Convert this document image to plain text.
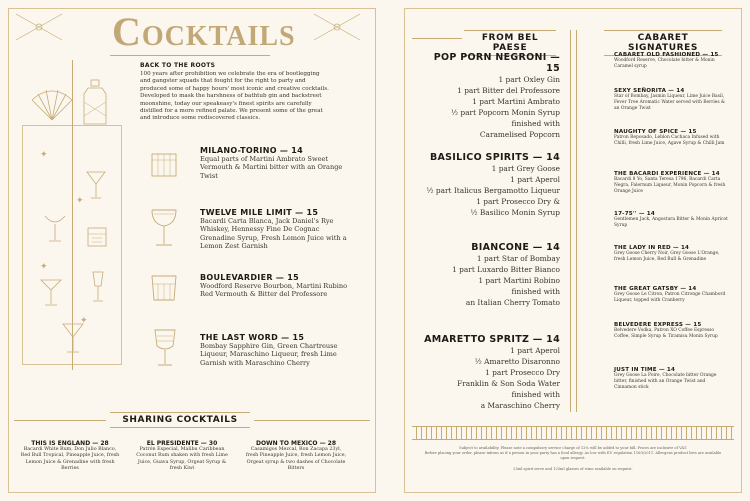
Cocktails
✦
✦
✦
✦
BACK TO THE ROOTS
100 years after prohibition we celebrate the era of bootlegging and gangster squads that fought for the right to party and produced some of happy hours' most iconic and creative cocktails. Developed to mask the harshness of bathtub gin and backstreet moonshine, today our speakeasy's finest spirits are carefully distilled for a more refined palate. We present some of the great and introduce some rediscovered classics.
MILANO-TORINO — 14
Equal parts of Martini Ambrato Sweet Vermouth & Martini bitter with an Orange Twist
TWELVE MILE LIMIT — 15
Bacardi Carta Blanca, Jack Daniel's Rye Whiskey, Hennessy Fine De Cognac Grenadine Syrup, Fresh Lemon Juice with a Lemon Zest Garnish
BOULEVARDIER — 15
Woodford Reserve Bourbon, Martini Rubino Red Vermouth & Bitter del Professore
THE LAST WORD — 15
Bombay Sapphire Gin, Green Chartreuse Liqueur, Maraschino Liqueur, fresh Lime Garnish with Maraschino Cherry
SHARING COCKTAILS
THIS IS ENGLAND — 28
Bacardi White Rum, Don Julio Blanco, Red Bull Tropical, Pineapple Juice, fresh Lemon Juice & Grenadine with fresh Berries
EL PRESIDENTE — 30
Patrón Especial, Malibu Caribbean Coconut Rum shaken with fresh Lime Juice, Guava Syrup, Orgeat Syrup & fresh Kiwi
DOWN TO MEXICO — 28
Casamigos Mezcal, Ron Zacapa 23yl, fresh Pineapple Juice, fresh Lemon Juice, Orgeat syrup & two dashes of Chocolate Bitters
FROM BEL PAESE
POP PORN NEGRONI — 15
1 part Oxley Gin
1 part Bitter del Professore
1 part Martini Ambrato
½ part Popcorn Monin Syrup
finished with
Caramelised Popcorn
BASILICO SPIRITS — 14
1 part Grey Goose
1 part Aperol
½ part Italicus Bergamotto Liqueur
1 part Prosecco Dry &
½ Basilico Monin Syrup
BIANCONE — 14
1 part Star of Bombay
1 part Luxardo Bitter Bianco
1 part Martini Robino
finished with
an Italian Cherry Tomato
AMARETTO SPRITZ — 14
1 part Aperol
½ Amaretto Disaronno
1 part Prosecco Dry
Franklin & Son Soda Water
finished with
a Maraschino Cherry
CABARET SIGNATURES
CABARET OLD FASHIONED — 15
Woodford Reserve, Chocolate bitter & Monin Caramel syrup
SEXY SEÑORITA — 14
Star of Bombay, Jasmin Liqueur, Lime Juice Basil, Fever Tree Aromatic Water served with Berries & an Orange Twist
NAUGHTY OF SPICE — 15
Patron Reposado, Leblon Cachaca Infused with Chilli, fresh Lime Juice, Agave Syrup & Chilli Jam
THE BACARDI EXPERIENCE — 14
Bacardi 8 Yo, Santa Teresa 1796, Bacardi Carta Negra, Falernum Liqueur, Monin Popcorn & fresh Orange Juice
17-75'' — 14
Gentlemen Jack, Angostura Bitter & Monin Apricot Syrup
THE LADY IN RED — 14
Grey Goose Cherry Noir, Grey Goose L'Orange, fresh Lemon Juice, Red Bull & Grenadine
THE GREAT GATSBY — 14
Grey Goose Le Citron, Patron Citronge Chambord Liqueur, topped with Cranberry
BELVEDERE EXPRESS — 15
Belvedere Vodka, Patron XO Coffee Espresso Coffee, Simple Syrup & Tiramisu Monin Syrup
JUST IN TIME — 14
Grey Goose La Poire, Chocolate bitter Orange bitter, finished with an Orange Twist and Cinnamon stick
Subject to availability. Please note a compulsory service charge of 12% will be added to your bill. Prices are inclusive of VAT.
Before placing your order, please inform us if a person in your party has a food allergy. As low with EU regulation 1169/2011. Allergens product lists are available upon request.
25ml spirit serve and 125ml glasses of wine available on request.
